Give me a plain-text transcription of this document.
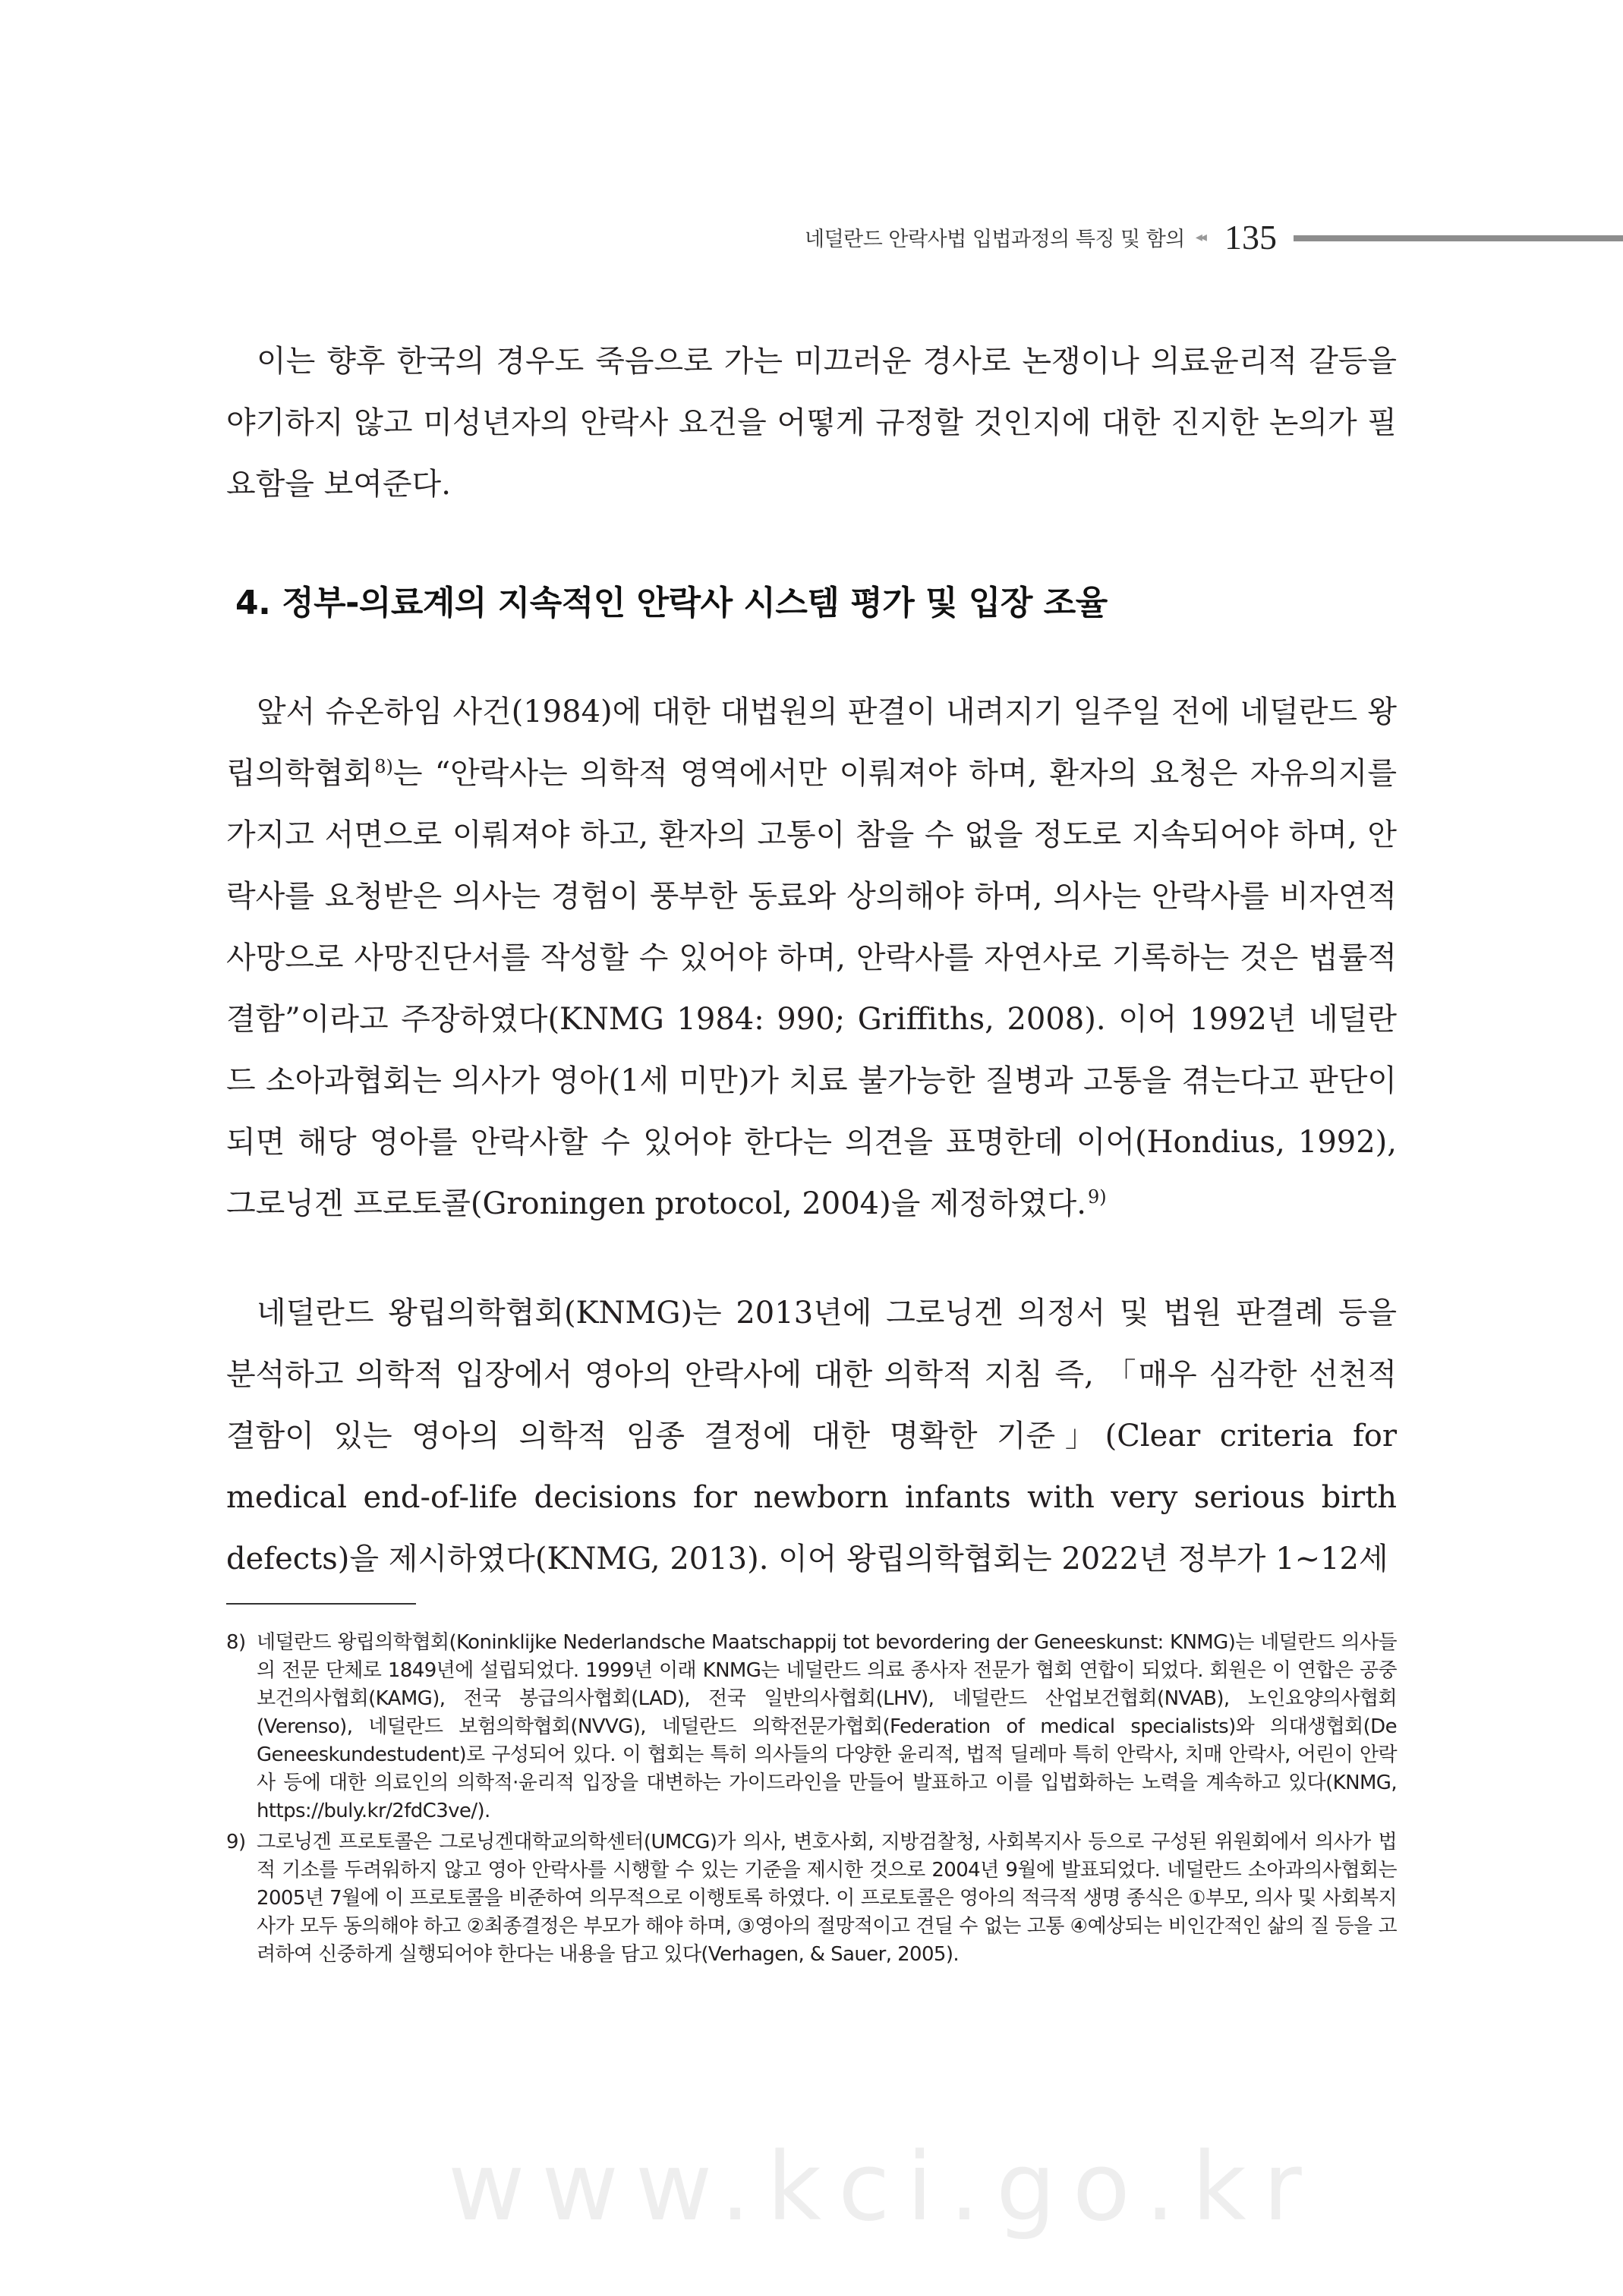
네덜란드 안락사법 입법과정의 특징 및 함의 ◂◂ 135

이는 향후 한국의 경우도 죽음으로 가는 미끄러운 경사로 논쟁이나 의료윤리적 갈등을 야기하지 않고 미성년자의 안락사 요건을 어떻게 규정할 것인지에 대한 진지한 논의가 필요함을 보여준다.

4. 정부-의료계의 지속적인 안락사 시스템 평가 및 입장 조율

앞서 슈온하임 사건(1984)에 대한 대법원의 판결이 내려지기 일주일 전에 네덜란드 왕립의학협회$^{8)}$는 “안락사는 의학적 영역에서만 이뤄져야 하며, 환자의 요청은 자유의지를 가지고 서면으로 이뤄져야 하고, 환자의 고통이 참을 수 없을 정도로 지속되어야 하며, 안락사를 요청받은 의사는 경험이 풍부한 동료와 상의해야 하며, 의사는 안락사를 비자연적 사망으로 사망진단서를 작성할 수 있어야 하며, 안락사를 자연사로 기록하는 것은 법률적 결함”이라고 주장하였다(KNMG 1984: 990; Griffiths, 2008). 이어 1992년 네덜란드 소아과협회는 의사가 영아(1세 미만)가 치료 불가능한 질병과 고통을 겪는다고 판단이 되면 해당 영아를 안락사할 수 있어야 한다는 의견을 표명한데 이어(Hondius, 1992), 그로닝겐 프로토콜(Groningen protocol, 2004)을 제정하였다.$^{9)}$

네덜란드 왕립의학협회(KNMG)는 2013년에 그로닝겐 의정서 및 법원 판결례 등을 분석하고 의학적 입장에서 영아의 안락사에 대한 의학적 지침 즉, 「매우 심각한 선천적 결함이 있는 영아의 의학적 임종 결정에 대한 명확한 기준」(Clear criteria for medical end-of-life decisions for newborn infants with very serious birth defects)을 제시하였다(KNMG, 2013). 이어 왕립의학협회는 2022년 정부가 1~12세

8) 네덜란드 왕립의학협회(Koninklijke Nederlandsche Maatschappij tot bevordering der Geneeskunst: KNMG)는 네덜란드 의사들의 전문 단체로 1849년에 설립되었다. 1999년 이래 KNMG는 네덜란드 의료 종사자 전문가 협회 연합이 되었다. 회원은 이 연합은 공중보건의사협회(KAMG), 전국 봉급의사협회(LAD), 전국 일반의사협회(LHV), 네덜란드 산업보건협회(NVAB), 노인요양의사협회(Verenso), 네덜란드 보험의학협회(NVVG), 네덜란드 의학전문가협회(Federation of medical specialists)와 의대생협회(De Geneeskundestudent)로 구성되어 있다. 이 협회는 특히 의사들의 다양한 윤리적, 법적 딜레마 특히 안락사, 치매 안락사, 어린이 안락사 등에 대한 의료인의 의학적·윤리적 입장을 대변하는 가이드라인을 만들어 발표하고 이를 입법화하는 노력을 계속하고 있다(KNMG, https://buly.kr/2fdC3ve/).
9) 그로닝겐 프로토콜은 그로닝겐대학교의학센터(UMCG)가 의사, 변호사회, 지방검찰청, 사회복지사 등으로 구성된 위원회에서 의사가 법적 기소를 두려워하지 않고 영아 안락사를 시행할 수 있는 기준을 제시한 것으로 2004년 9월에 발표되었다. 네덜란드 소아과의사협회는 2005년 7월에 이 프로토콜을 비준하여 의무적으로 이행토록 하였다. 이 프로토콜은 영아의 적극적 생명 종식은 ①부모, 의사 및 사회복지사가 모두 동의해야 하고 ②최종결정은 부모가 해야 하며, ③영아의 절망적이고 견딜 수 없는 고통 ④예상되는 비인간적인 삶의 질 등을 고려하여 신중하게 실행되어야 한다는 내용을 담고 있다(Verhagen, & Sauer, 2005).
www.kci.go.kr
